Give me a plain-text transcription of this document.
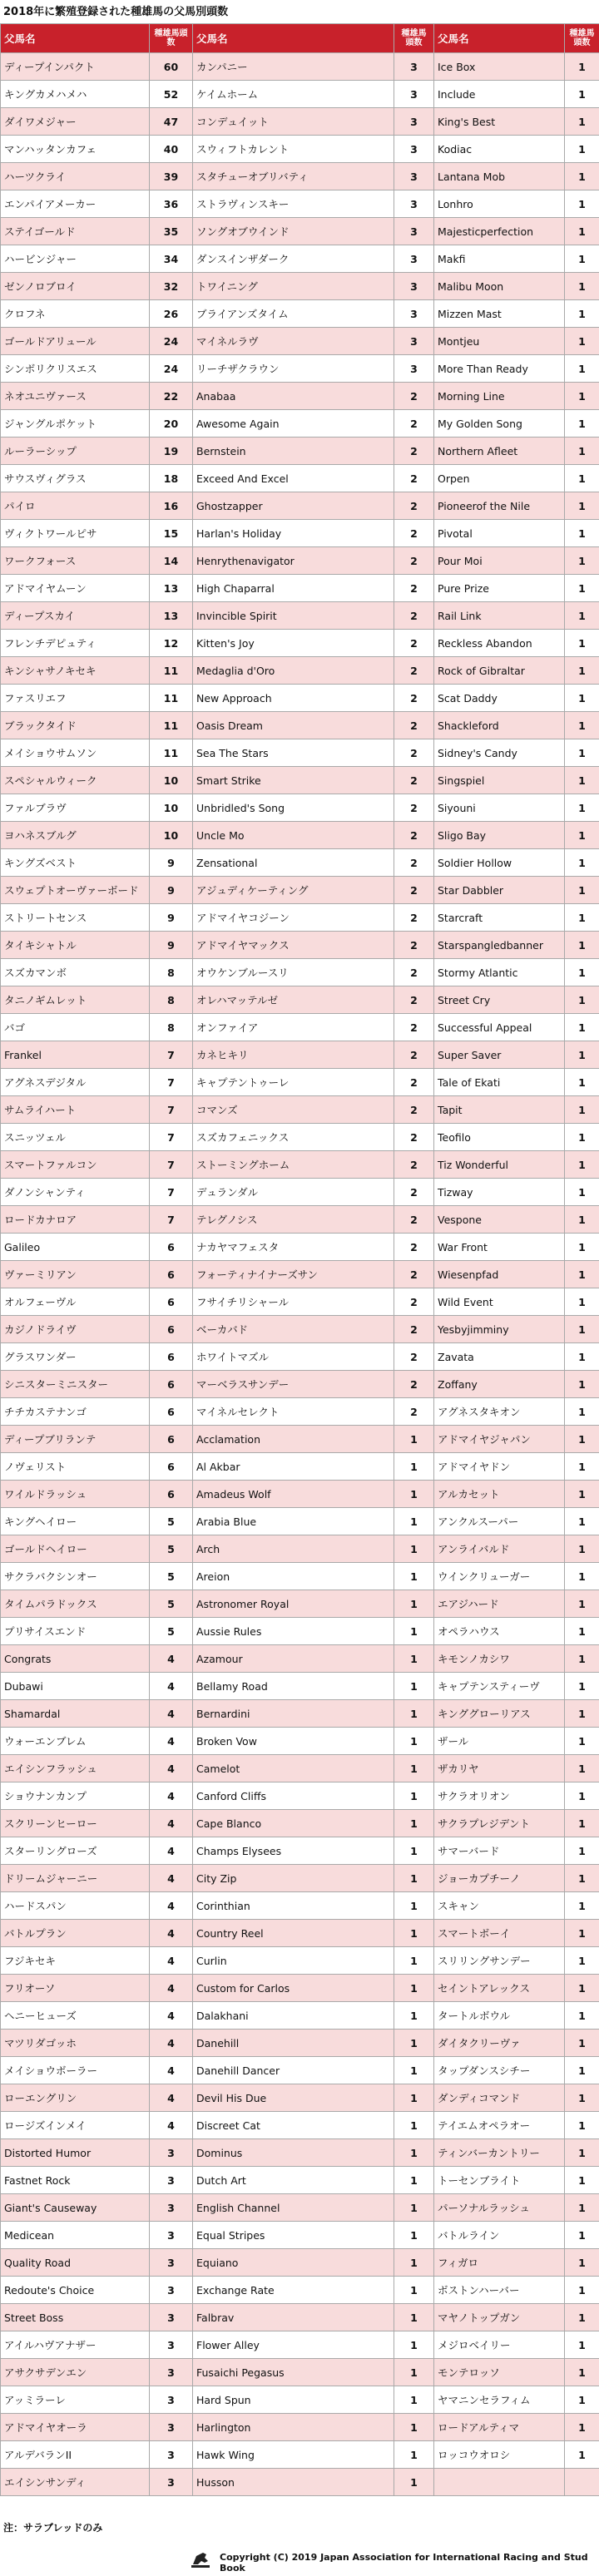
2018年に繁殖登録された種雄馬の父馬別頭数
父馬名	種雄馬頭数	父馬名	種雄馬頭数	父馬名	種雄馬頭数
ディープインパクト	60	カンパニー	3	Ice Box	1
キングカメハメハ	52	ケイムホーム	3	Include	1
ダイワメジャー	47	コンデュイット	3	King's Best	1
マンハッタンカフェ	40	スウィフトカレント	3	Kodiac	1
ハーツクライ	39	スタチューオブリバティ	3	Lantana Mob	1
エンパイアメーカー	36	ストラヴィンスキー	3	Lonhro	1
ステイゴールド	35	ソングオブウインド	3	Majesticperfection	1
ハービンジャー	34	ダンスインザダーク	3	Makfi	1
ゼンノロブロイ	32	トワイニング	3	Malibu Moon	1
クロフネ	26	ブライアンズタイム	3	Mizzen Mast	1
ゴールドアリュール	24	マイネルラヴ	3	Montjeu	1
シンボリクリスエス	24	リーチザクラウン	3	More Than Ready	1
ネオユニヴァース	22	Anabaa	2	Morning Line	1
ジャングルポケット	20	Awesome Again	2	My Golden Song	1
ルーラーシップ	19	Bernstein	2	Northern Afleet	1
サウスヴィグラス	18	Exceed And Excel	2	Orpen	1
パイロ	16	Ghostzapper	2	Pioneerof the Nile	1
ヴィクトワールピサ	15	Harlan's Holiday	2	Pivotal	1
ワークフォース	14	Henrythenavigator	2	Pour Moi	1
アドマイヤムーン	13	High Chaparral	2	Pure Prize	1
ディープスカイ	13	Invincible Spirit	2	Rail Link	1
フレンチデピュティ	12	Kitten's Joy	2	Reckless Abandon	1
キンシャサノキセキ	11	Medaglia d'Oro	2	Rock of Gibraltar	1
ファスリエフ	11	New Approach	2	Scat Daddy	1
ブラックタイド	11	Oasis Dream	2	Shackleford	1
メイショウサムソン	11	Sea The Stars	2	Sidney's Candy	1
スペシャルウィーク	10	Smart Strike	2	Singspiel	1
ファルブラヴ	10	Unbridled's Song	2	Siyouni	1
ヨハネスブルグ	10	Uncle Mo	2	Sligo Bay	1
キングズベスト	9	Zensational	2	Soldier Hollow	1
スウェプトオーヴァーボード	9	アジュディケーティング	2	Star Dabbler	1
ストリートセンス	9	アドマイヤコジーン	2	Starcraft	1
タイキシャトル	9	アドマイヤマックス	2	Starspangledbanner	1
スズカマンボ	8	オウケンブルースリ	2	Stormy Atlantic	1
タニノギムレット	8	オレハマッテルゼ	2	Street Cry	1
バゴ	8	オンファイア	2	Successful Appeal	1
Frankel	7	カネヒキリ	2	Super Saver	1
アグネスデジタル	7	キャプテントゥーレ	2	Tale of Ekati	1
サムライハート	7	コマンズ	2	Tapit	1
スニッツェル	7	スズカフェニックス	2	Teofilo	1
スマートファルコン	7	ストーミングホーム	2	Tiz Wonderful	1
ダノンシャンティ	7	デュランダル	2	Tizway	1
ロードカナロア	7	テレグノシス	2	Vespone	1
Galileo	6	ナカヤマフェスタ	2	War Front	1
ヴァーミリアン	6	フォーティナイナーズサン	2	Wiesenpfad	1
オルフェーヴル	6	フサイチリシャール	2	Wild Event	1
カジノドライヴ	6	ベーカバド	2	Yesbyjimminy	1
グラスワンダー	6	ホワイトマズル	2	Zavata	1
シニスターミニスター	6	マーベラスサンデー	2	Zoffany	1
チチカステナンゴ	6	マイネルセレクト	2	アグネスタキオン	1
ディープブリランテ	6	Acclamation	1	アドマイヤジャパン	1
ノヴェリスト	6	Al Akbar	1	アドマイヤドン	1
ワイルドラッシュ	6	Amadeus Wolf	1	アルカセット	1
キングヘイロー	5	Arabia Blue	1	アンクルスーパー	1
ゴールドヘイロー	5	Arch	1	アンライバルド	1
サクラバクシンオー	5	Areion	1	ウインクリューガー	1
タイムパラドックス	5	Astronomer Royal	1	エアジハード	1
プリサイスエンド	5	Aussie Rules	1	オペラハウス	1
Congrats	4	Azamour	1	キモンノカシワ	1
Dubawi	4	Bellamy Road	1	キャプテンスティーヴ	1
Shamardal	4	Bernardini	1	キンググローリアス	1
ウォーエンブレム	4	Broken Vow	1	ザール	1
エイシンフラッシュ	4	Camelot	1	ザカリヤ	1
ショウナンカンプ	4	Canford Cliffs	1	サクラオリオン	1
スクリーンヒーロー	4	Cape Blanco	1	サクラプレジデント	1
スターリングローズ	4	Champs Elysees	1	サマーバード	1
ドリームジャーニー	4	City Zip	1	ジョーカプチーノ	1
ハードスパン	4	Corinthian	1	スキャン	1
バトルプラン	4	Country Reel	1	スマートボーイ	1
フジキセキ	4	Curlin	1	スリリングサンデー	1
フリオーソ	4	Custom for Carlos	1	セイントアレックス	1
ヘニーヒューズ	4	Dalakhani	1	タートルボウル	1
マツリダゴッホ	4	Danehill	1	ダイタクリーヴァ	1
メイショウボーラー	4	Danehill Dancer	1	タップダンスシチー	1
ローエングリン	4	Devil His Due	1	ダンディコマンド	1
ロージズインメイ	4	Discreet Cat	1	テイエムオペラオー	1
Distorted Humor	3	Dominus	1	ティンバーカントリー	1
Fastnet Rock	3	Dutch Art	1	トーセンブライト	1
Giant's Causeway	3	English Channel	1	パーソナルラッシュ	1
Medicean	3	Equal Stripes	1	バトルライン	1
Quality Road	3	Equiano	1	フィガロ	1
Redoute's Choice	3	Exchange Rate	1	ボストンハーバー	1
Street Boss	3	Falbrav	1	マヤノトップガン	1
アイルハヴアナザー	3	Flower Alley	1	メジロベイリー	1
アサクサデンエン	3	Fusaichi Pegasus	1	モンテロッソ	1
アッミラーレ	3	Hard Spun	1	ヤマニンセラフィム	1
アドマイヤオーラ	3	Harlington	1	ロードアルティマ	1
アルデバランII	3	Hawk Wing	1	ロッコウオロシ	1
エイシンサンディ	3	Husson	1		
注：サラブレッドのみ
Copyright (C) 2019 Japan Association for International Racing and Stud Book
